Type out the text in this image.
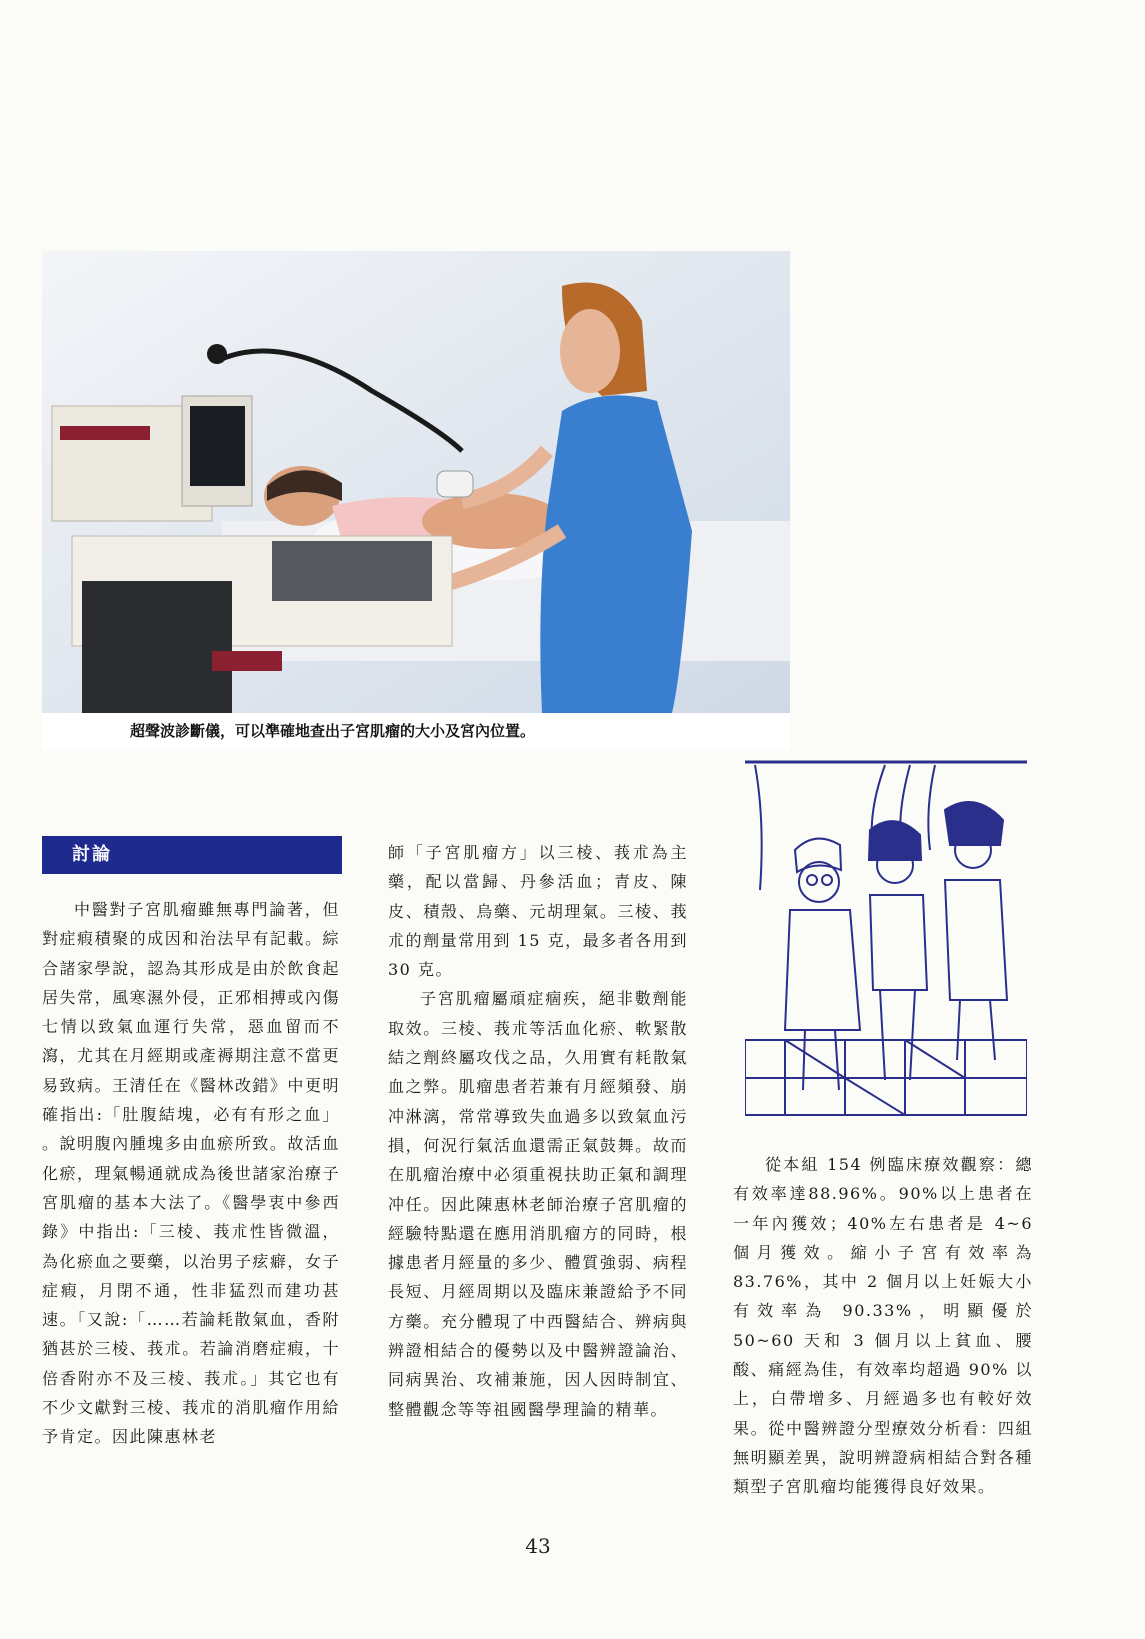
超聲波診斷儀，可以準確地查出子宮肌瘤的大小及宮內位置。
討論

中醫對子宮肌瘤雖無專門論著，但對症瘕積聚的成因和治法早有記載。綜合諸家學說，認為其形成是由於飲食起居失常，風寒濕外侵，正邪相搏或內傷七情以致氣血運行失常，惡血留而不瀉，尤其在月經期或產褥期注意不當更易致病。王清任在《醫林改錯》中更明確指出:「肚腹結塊，必有有形之血」 。說明腹內腫塊多由血瘀所致。故活血化瘀，理氣暢通就成為後世諸家治療子宮肌瘤的基本大法了。《醫學衷中參西錄》中指出:「三棱、莪朮性皆微溫，為化瘀血之要藥，以治男子痃癖，女子症瘕，月閉不通，性非猛烈而建功甚速。「又說:「……若論耗散氣血，香附猶甚於三棱、莪朮。若論消磨症瘕，十倍香附亦不及三棱、莪朮。」其它也有不少文獻對三棱、莪朮的消肌瘤作用給予肯定。因此陳惠林老

師「子宮肌瘤方」以三棱、莪朮為主藥，配以當歸、丹參活血；青皮、陳皮、積殼、烏藥、元胡理氣。三棱、莪朮的劑量常用到 15 克，最多者各用到 30 克。

子宮肌瘤屬頑症痼疾，絕非數劑能取效。三棱、莪朮等活血化瘀、軟緊散結之劑終屬攻伐之品，久用實有耗散氣血之弊。肌瘤患者若兼有月經頻發、崩冲淋漓，常常導致失血過多以致氣血污損，何況行氣活血還需正氣鼓舞。故而在肌瘤治療中必須重視扶助正氣和調理冲任。因此陳惠林老師治療子宮肌瘤的經驗特點還在應用消肌瘤方的同時，根據患者月經量的多少、體質強弱、病程長短、月經周期以及臨床兼證給予不同方藥。充分體現了中西醫結合、辨病與辨證相結合的優勢以及中醫辨證論治、同病異治、攻補兼施，因人因時制宜、整體觀念等等祖國醫學理論的精華。

從本組 154 例臨床療效觀察：總有效率達88.96%。90%以上患者在一年內獲效；40%左右患者是 4~6 個月獲效。縮小子宮有效率為 83.76%，其中 2 個月以上妊娠大小有效率為 90.33%，明顯優於 50~60 天和 3 個月以上貧血、腰酸、痛經為佳，有效率均超過 90% 以上，白帶增多、月經過多也有較好效果。從中醫辨證分型療效分析看：四組無明顯差異，說明辨證病相結合對各種類型子宮肌瘤均能獲得良好效果。

43
